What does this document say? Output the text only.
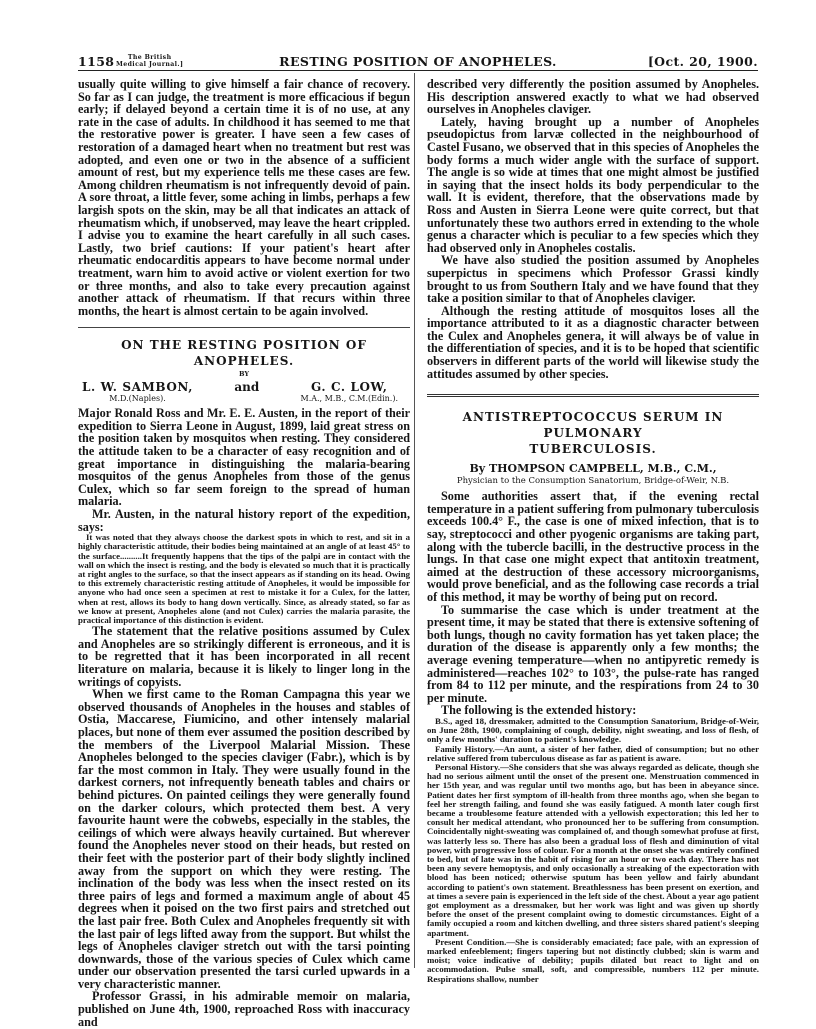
1158	The British
Medical Journal.]	RESTING POSITION OF ANOPHELES.	[Oct. 20, 1900.

usually quite willing to give himself a fair chance of recovery. So far as I can judge, the treatment is more efficacious if begun early; if delayed beyond a certain time it is of no use, at any rate in the case of adults. In childhood it has seemed to me that the restorative power is greater. I have seen a few cases of restoration of a damaged heart when no treatment but rest was adopted, and even one or two in the absence of a sufficient amount of rest, but my experience tells me these cases are few. Among children rheumatism is not infrequently devoid of pain. A sore throat, a little fever, some aching in limbs, perhaps a few largish spots on the skin, may be all that indicates an attack of rheumatism which, if unobserved, may leave the heart crippled. I advise you to examine the heart carefully in all such cases. Lastly, two brief cautions: If your patient's heart after rheumatic endocarditis appears to have become normal under treatment, warn him to avoid active or violent exertion for two or three months, and also to take every precaution against another attack of rheumatism. If that recurs within three months, the heart is almost certain to be again involved.

ON THE RESTING POSITION OF ANOPHELES.
BY
L. W. SAMBON,
M.D.(Naples).
and	G. C. LOW,
M.A., M.B., C.M.(Edin.).

Major Ronald Ross and Mr. E. E. Austen, in the report of their expedition to Sierra Leone in August, 1899, laid great stress on the position taken by mosquitos when resting. They considered the attitude taken to be a character of easy recognition and of great importance in distinguishing the malaria-bearing mosquitos of the genus Anopheles from those of the genus Culex, which so far seem foreign to the spread of human malaria.

Mr. Austen, in the natural history report of the expedition, says:

It was noted that they always choose the darkest spots in which to rest, and sit in a highly characteristic attitude, their bodies being maintained at an angle of at least 45° to the surface..........It frequently happens that the tips of the palpi are in contact with the wall on which the insect is resting, and the body is elevated so much that it is practically at right angles to the surface, so that the insect appears as if standing on its head. Owing to this extremely characteristic resting attitude of Anopheles, it would be impossible for anyone who had once seen a specimen at rest to mistake it for a Culex, for the latter, when at rest, allows its body to hang down vertically. Since, as already stated, so far as we know at present, Anopheles alone (and not Culex) carries the malaria parasite, the practical importance of this distinction is evident.

The statement that the relative positions assumed by Culex and Anopheles are so strikingly different is erroneous, and it is to be regretted that it has been incorporated in all recent literature on malaria, because it is likely to linger long in the writings of copyists.

When we first came to the Roman Campagna this year we observed thousands of Anopheles in the houses and stables of Ostia, Maccarese, Fiumicino, and other intensely malarial places, but none of them ever assumed the position described by the members of the Liverpool Malarial Mission. These Anopheles belonged to the species claviger (Fabr.), which is by far the most common in Italy. They were usually found in the darkest corners, not infrequently beneath tables and chairs or behind pictures. On painted ceilings they were generally found on the darker colours, which protected them best. A very favourite haunt were the cobwebs, especially in the stables, the ceilings of which were always heavily curtained. But wherever found the Anopheles never stood on their heads, but rested on their feet with the posterior part of their body slightly inclined away from the support on which they were resting. The inclination of the body was less when the insect rested on its three pairs of legs and formed a maximum angle of about 45 degrees when it poised on the two first pairs and stretched out the last pair free. Both Culex and Anopheles frequently sit with the last pair of legs lifted away from the support. But whilst the legs of Anopheles claviger stretch out with the tarsi pointing downwards, those of the various species of Culex which came under our observation presented the tarsi curled upwards in a very characteristic manner.

Professor Grassi, in his admirable memoir on malaria, published on June 4th, 1900, reproached Ross with inaccuracy and

described very differently the position assumed by Anopheles. His description answered exactly to what we had observed ourselves in Anopheles claviger.

Lately, having brought up a number of Anopheles pseudopictus from larvæ collected in the neighbourhood of Castel Fusano, we observed that in this species of Anopheles the body forms a much wider angle with the surface of support. The angle is so wide at times that one might almost be justified in saying that the insect holds its body perpendicular to the wall. It is evident, therefore, that the observations made by Ross and Austen in Sierra Leone were quite correct, but that unfortunately these two authors erred in extending to the whole genus a character which is peculiar to a few species which they had observed only in Anopheles costalis.

We have also studied the position assumed by Anopheles superpictus in specimens which Professor Grassi kindly brought to us from Southern Italy and we have found that they take a position similar to that of Anopheles claviger.

Although the resting attitude of mosquitos loses all the importance attributed to it as a diagnostic character between the Culex and Anopheles genera, it will always be of value in the differentiation of species, and it is to be hoped that scientific observers in different parts of the world will likewise study the attitudes assumed by other species.

ANTISTREPTOCOCCUS SERUM IN PULMONARY
TUBERCULOSIS.
By THOMPSON CAMPBELL, M.B., C.M.,
Physician to the Consumption Sanatorium, Bridge-of-Weir, N.B.

Some authorities assert that, if the evening rectal temperature in a patient suffering from pulmonary tuberculosis exceeds 100.4° F., the case is one of mixed infection, that is to say, streptococci and other pyogenic organisms are taking part, along with the tubercle bacilli, in the destructive process in the lungs. In that case one might expect that antitoxin treatment, aimed at the destruction of these accessory microorganisms, would prove beneficial, and as the following case records a trial of this method, it may be worthy of being put on record.

To summarise the case which is under treatment at the present time, it may be stated that there is extensive softening of both lungs, though no cavity formation has yet taken place; the duration of the disease is apparently only a few months; the average evening temperature—when no antipyretic remedy is administered—reaches 102° to 103°, the pulse-rate has ranged from 84 to 112 per minute, and the respirations from 24 to 30 per minute.

The following is the extended history:

B.S., aged 18, dressmaker, admitted to the Consumption Sanatorium, Bridge-of-Weir, on June 28th, 1900, complaining of cough, debility, night sweating, and loss of flesh, of only a few months' duration to patient's knowledge.

Family History.—An aunt, a sister of her father, died of consumption; but no other relative suffered from tuberculous disease as far as patient is aware.

Personal History.—She considers that she was always regarded as delicate, though she had no serious ailment until the onset of the present one. Menstruation commenced in her 15th year, and was regular until two months ago, but has been in abeyance since. Patient dates her first symptom of ill-health from three months ago, when she began to feel her strength failing, and found she was easily fatigued. A month later cough first became a troublesome feature attended with a yellowish expectoration; this led her to consult her medical attendant, who pronounced her to be suffering from consumption. Coincidentally night-sweating was complained of, and though somewhat profuse at first, was latterly less so. There has also been a gradual loss of flesh and diminution of vital power, with progressive loss of colour. For a month at the onset she was entirely confined to bed, but of late was in the habit of rising for an hour or two each day. There has not been any severe hemoptysis, and only occasionally a streaking of the expectoration with blood has been noticed; otherwise sputum has been yellow and fairly abundant according to patient's own statement. Breathlessness has been present on exertion, and at times a severe pain is experienced in the left side of the chest. About a year ago patient got employment as a dressmaker, but her work was light and was given up shortly before the onset of the present complaint owing to domestic circumstances. Eight of a family occupied a room and kitchen dwelling, and three sisters shared patient's sleeping apartment.

Present Condition.—She is considerably emaciated; face pale, with an expression of marked enfeeblement; fingers tapering but not distinctly clubbed; skin is warm and moist; voice indicative of debility; pupils dilated but react to light and on accommodation. Pulse small, soft, and compressible, numbers 112 per minute. Respirations shallow, number
